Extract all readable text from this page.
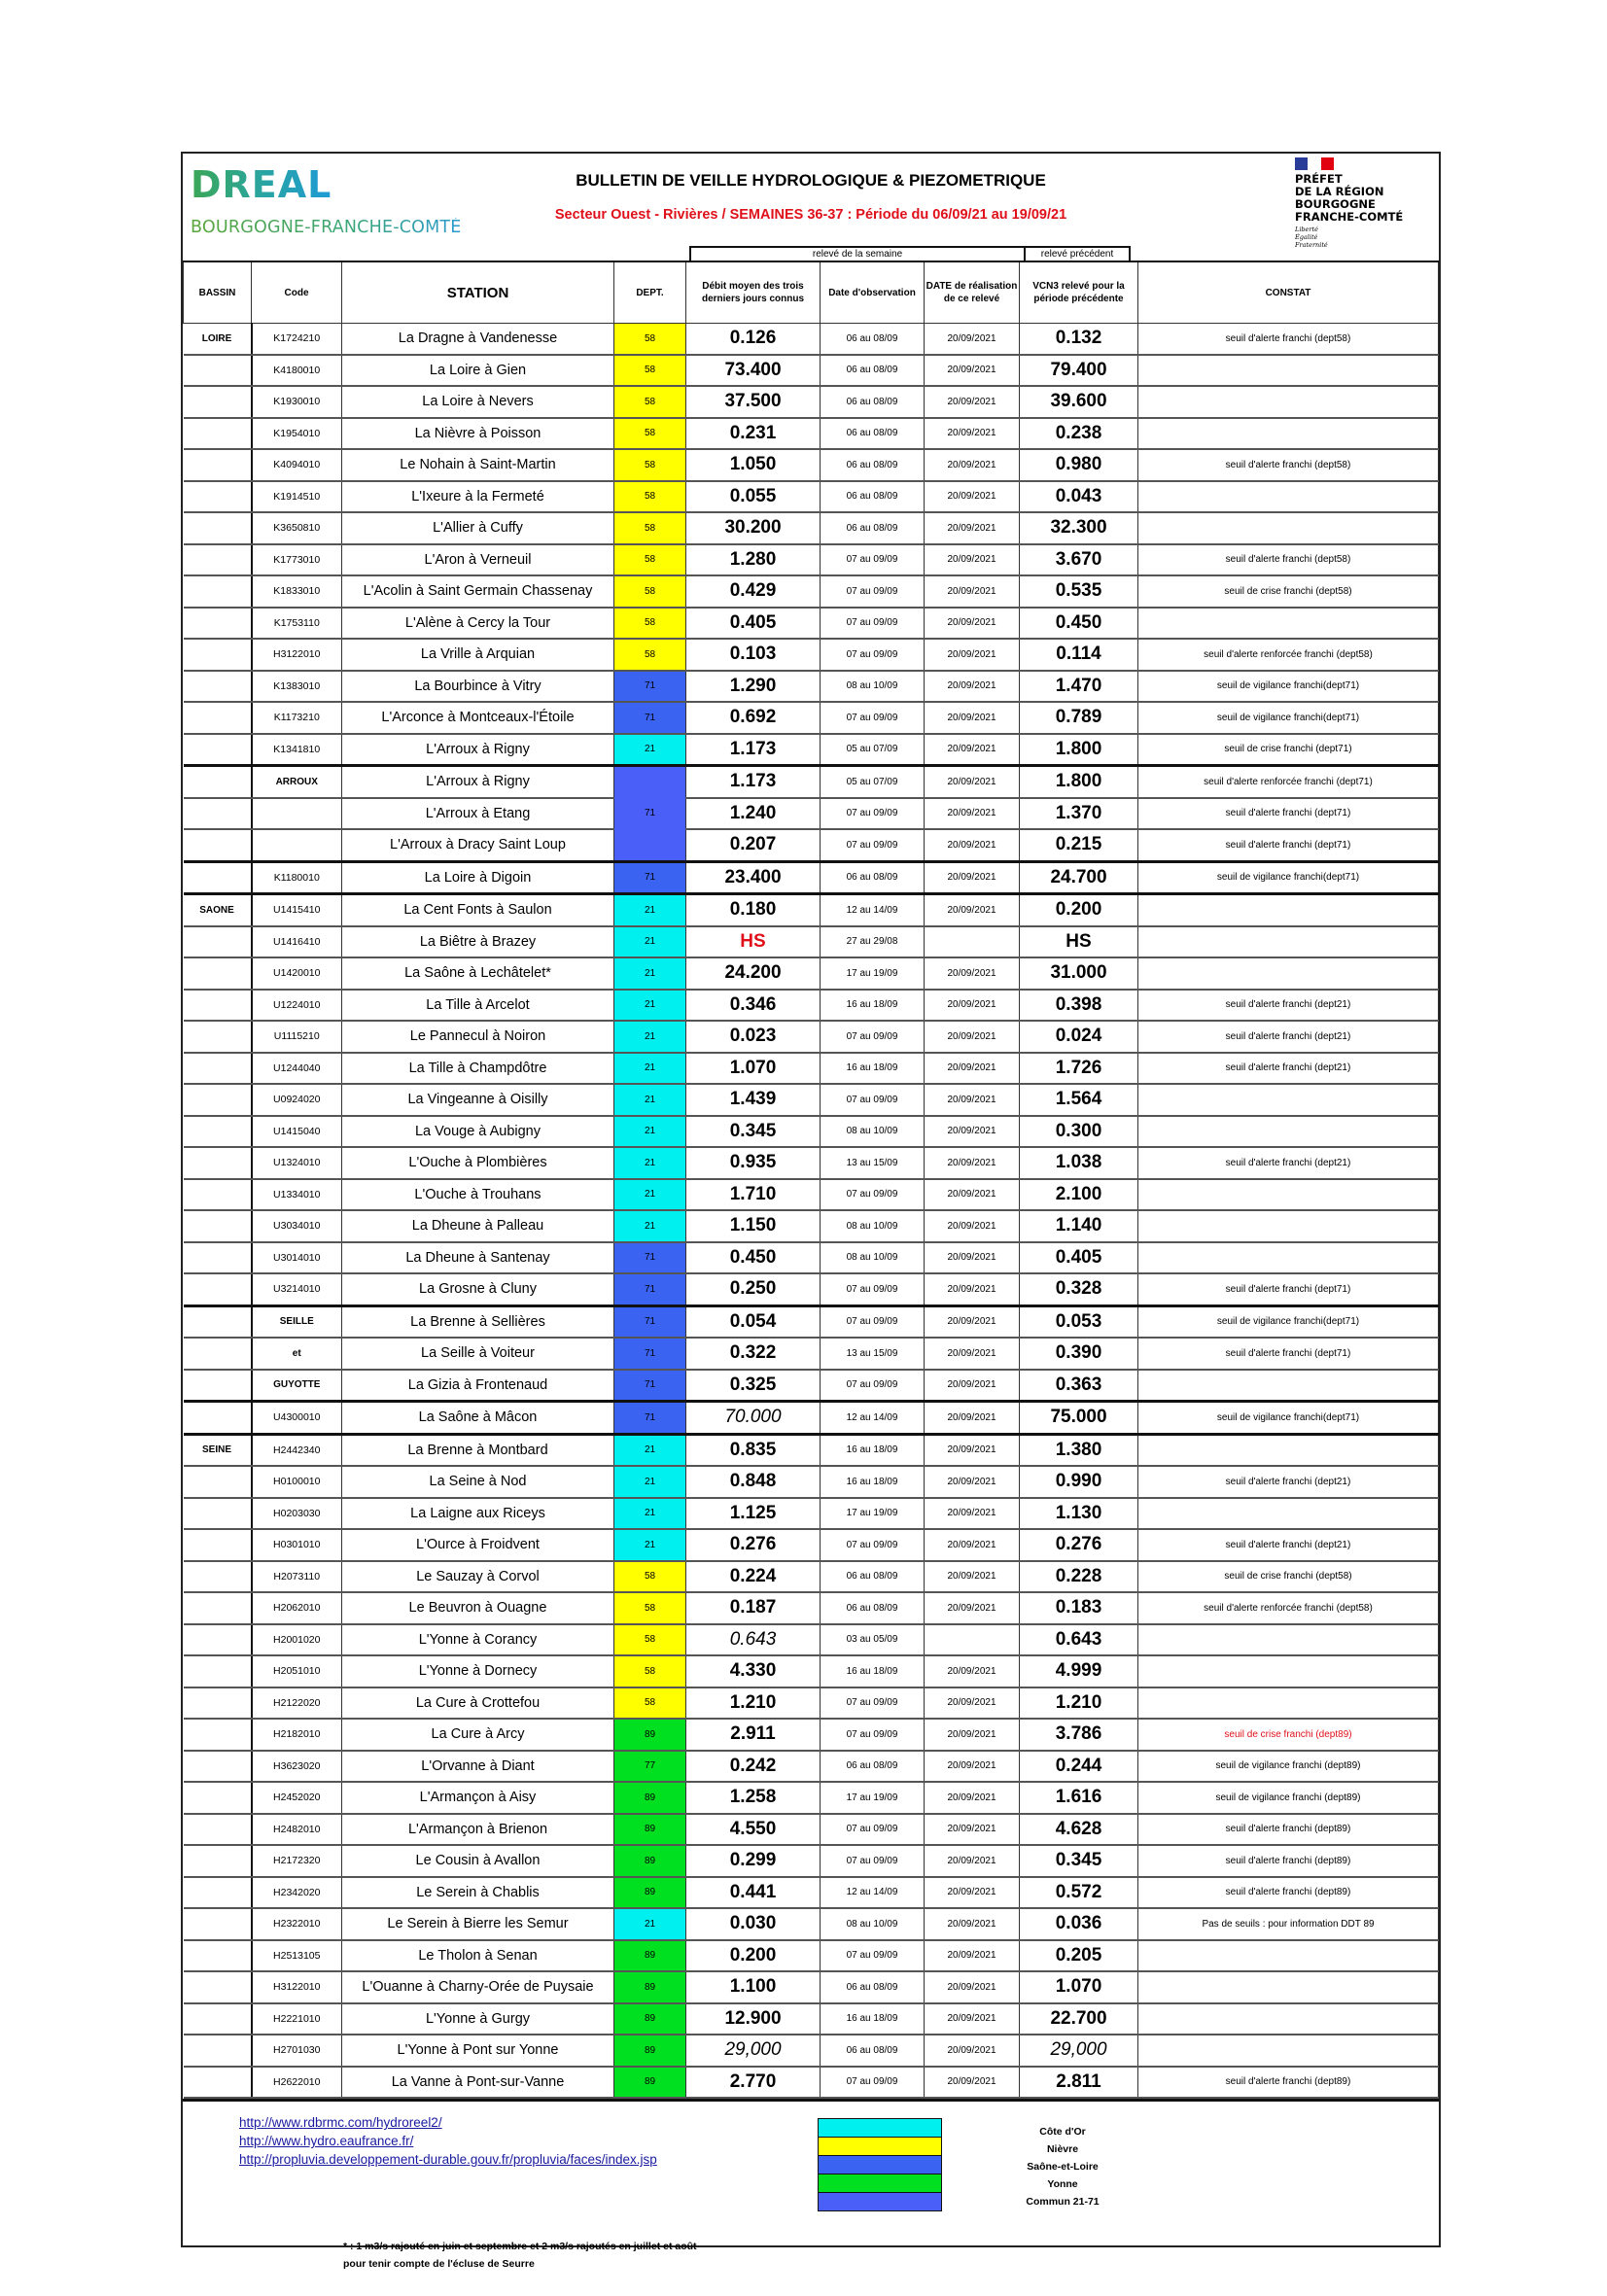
DREAL
BOURGOGNE-FRANCHE-COMTÉ
BULLETIN DE VEILLE HYDROLOGIQUE & PIEZOMETRIQUE
Secteur Ouest - Rivières / SEMAINES 36-37 : Période du 06/09/21 au 19/09/21
PRÉFET
DE LA RÉGION
BOURGOGNE
FRANCHE-COMTÉ
Liberté
Égalité
Fraternité
relevé de la semaine	relevé précédent
BASSIN	Code	STATION	DEPT.	Débit moyen des trois derniers jours connus	Date d'observation	DATE de réalisation de ce relevé	VCN3 relevé pour la période précédente	CONSTAT
LOIRE	K1724210	La Dragne à Vandenesse	58	0.126	06 au 08/09	20/09/2021	0.132	seuil d'alerte franchi (dept58)
	K4180010	La Loire à Gien	58	73.400	06 au 08/09	20/09/2021	79.400	
	K1930010	La Loire à Nevers	58	37.500	06 au 08/09	20/09/2021	39.600	
	K1954010	La Nièvre à Poisson	58	0.231	06 au 08/09	20/09/2021	0.238	
	K4094010	Le Nohain à Saint-Martin	58	1.050	06 au 08/09	20/09/2021	0.980	seuil d'alerte franchi (dept58)
	K1914510	L'Ixeure à la Fermeté	58	0.055	06 au 08/09	20/09/2021	0.043	
	K3650810	L'Allier à Cuffy	58	30.200	06 au 08/09	20/09/2021	32.300	
	K1773010	L'Aron à Verneuil	58	1.280	07 au 09/09	20/09/2021	3.670	seuil d'alerte franchi (dept58)
	K1833010	L'Acolin à Saint Germain Chassenay	58	0.429	07 au 09/09	20/09/2021	0.535	seuil de crise franchi (dept58)
	K1753110	L'Alène à Cercy la Tour	58	0.405	07 au 09/09	20/09/2021	0.450	
	H3122010	La Vrille à Arquian	58	0.103	07 au 09/09	20/09/2021	0.114	seuil d'alerte renforcée franchi (dept58)
	K1383010	La Bourbince à Vitry	71	1.290	08 au 10/09	20/09/2021	1.470	seuil de vigilance franchi(dept71)
	K1173210	L'Arconce à Montceaux-l'Étoile	71	0.692	07 au 09/09	20/09/2021	0.789	seuil de vigilance franchi(dept71)
	K1341810	L'Arroux à Rigny	21	1.173	05 au 07/09	20/09/2021	1.800	seuil de crise franchi (dept71)
	ARROUX	L'Arroux à Rigny	71	1.173	05 au 07/09	20/09/2021	1.800	seuil d'alerte renforcée franchi (dept71)
		L'Arroux à Etang		1.240	07 au 09/09	20/09/2021	1.370	seuil d'alerte franchi (dept71)
		L'Arroux à Dracy Saint Loup		0.207	07 au 09/09	20/09/2021	0.215	seuil d'alerte franchi (dept71)
	K1180010	La Loire à Digoin	71	23.400	06 au 08/09	20/09/2021	24.700	seuil de vigilance franchi(dept71)
SAONE	U1415410	La Cent Fonts à Saulon	21	0.180	12 au 14/09	20/09/2021	0.200	
	U1416410	La Biêtre à Brazey	21	HS	27 au 29/08		HS	
	U1420010	La Saône à Lechâtelet*	21	24.200	17 au 19/09	20/09/2021	31.000	
	U1224010	La Tille à Arcelot	21	0.346	16 au 18/09	20/09/2021	0.398	seuil d'alerte franchi (dept21)
	U1115210	Le Pannecul à Noiron	21	0.023	07 au 09/09	20/09/2021	0.024	seuil d'alerte franchi (dept21)
	U1244040	La Tille à Champdôtre	21	1.070	16 au 18/09	20/09/2021	1.726	seuil d'alerte franchi (dept21)
	U0924020	La Vingeanne à Oisilly	21	1.439	07 au 09/09	20/09/2021	1.564	
	U1415040	La Vouge à Aubigny	21	0.345	08 au 10/09	20/09/2021	0.300	
	U1324010	L'Ouche à Plombières	21	0.935	13 au 15/09	20/09/2021	1.038	seuil d'alerte franchi (dept21)
	U1334010	L'Ouche à Trouhans	21	1.710	07 au 09/09	20/09/2021	2.100	
	U3034010	La Dheune à Palleau	21	1.150	08 au 10/09	20/09/2021	1.140	
	U3014010	La Dheune à Santenay	71	0.450	08 au 10/09	20/09/2021	0.405	
	U3214010	La Grosne à Cluny	71	0.250	07 au 09/09	20/09/2021	0.328	seuil d'alerte franchi (dept71)
	SEILLE	La Brenne à Sellières	71	0.054	07 au 09/09	20/09/2021	0.053	seuil de vigilance franchi(dept71)
	et	La Seille à Voiteur	71	0.322	13 au 15/09	20/09/2021	0.390	seuil d'alerte franchi (dept71)
	GUYOTTE	La Gizia à Frontenaud	71	0.325	07 au 09/09	20/09/2021	0.363	
	U4300010	La Saône à Mâcon	71	70.000	12 au 14/09	20/09/2021	75.000	seuil de vigilance franchi(dept71)
SEINE	H2442340	La Brenne à Montbard	21	0.835	16 au 18/09	20/09/2021	1.380	
	H0100010	La Seine à Nod	21	0.848	16 au 18/09	20/09/2021	0.990	seuil d'alerte franchi (dept21)
	H0203030	La Laigne aux Riceys	21	1.125	17 au 19/09	20/09/2021	1.130	
	H0301010	L'Ource à Froidvent	21	0.276	07 au 09/09	20/09/2021	0.276	seuil d'alerte franchi (dept21)
	H2073110	Le Sauzay à Corvol	58	0.224	06 au 08/09	20/09/2021	0.228	seuil de crise franchi (dept58)
	H2062010	Le Beuvron à Ouagne	58	0.187	06 au 08/09	20/09/2021	0.183	seuil d'alerte renforcée franchi (dept58)
	H2001020	L'Yonne à Corancy	58	0.643	03 au 05/09		0.643	
	H2051010	L'Yonne à Dornecy	58	4.330	16 au 18/09	20/09/2021	4.999	
	H2122020	La Cure à Crottefou	58	1.210	07 au 09/09	20/09/2021	1.210	
	H2182010	La Cure à Arcy	89	2.911	07 au 09/09	20/09/2021	3.786	seuil de crise franchi (dept89)
	H3623020	L'Orvanne à Diant	77	0.242	06 au 08/09	20/09/2021	0.244	seuil de vigilance franchi (dept89)
	H2452020	L'Armançon à Aisy	89	1.258	17 au 19/09	20/09/2021	1.616	seuil de vigilance franchi (dept89)
	H2482010	L'Armançon à Brienon	89	4.550	07 au 09/09	20/09/2021	4.628	seuil d'alerte franchi (dept89)
	H2172320	Le Cousin à Avallon	89	0.299	07 au 09/09	20/09/2021	0.345	seuil d'alerte franchi (dept89)
	H2342020	Le Serein à Chablis	89	0.441	12 au 14/09	20/09/2021	0.572	seuil d'alerte franchi (dept89)
	H2322010	Le Serein à Bierre les Semur	21	0.030	08 au 10/09	20/09/2021	0.036	Pas de seuils : pour information DDT 89
	H2513105	Le Tholon à Senan	89	0.200	07 au 09/09	20/09/2021	0.205	
	H3122010	L'Ouanne à Charny-Orée de Puysaie	89	1.100	06 au 08/09	20/09/2021	1.070	
	H2221010	L'Yonne à Gurgy	89	12.900	16 au 18/09	20/09/2021	22.700	
	H2701030	L'Yonne à Pont sur Yonne	89	29,000	06 au 08/09	20/09/2021	29,000	
	H2622010	La Vanne à Pont-sur-Vanne	89	2.770	07 au 09/09	20/09/2021	2.811	seuil d'alerte franchi (dept89)
http://www.rdbrmc.com/hydroreel2/
http://www.hydro.eaufrance.fr/
http://propluvia.developpement-durable.gouv.fr/propluvia/faces/index.jsp
Côte d'Or
Nièvre
Saône-et-Loire
Yonne
Commun 21-71
* : 1 m3/s rajouté en juin et septembre et 2 m3/s rajoutés en juillet et août
pour tenir compte de l'écluse de Seurre
